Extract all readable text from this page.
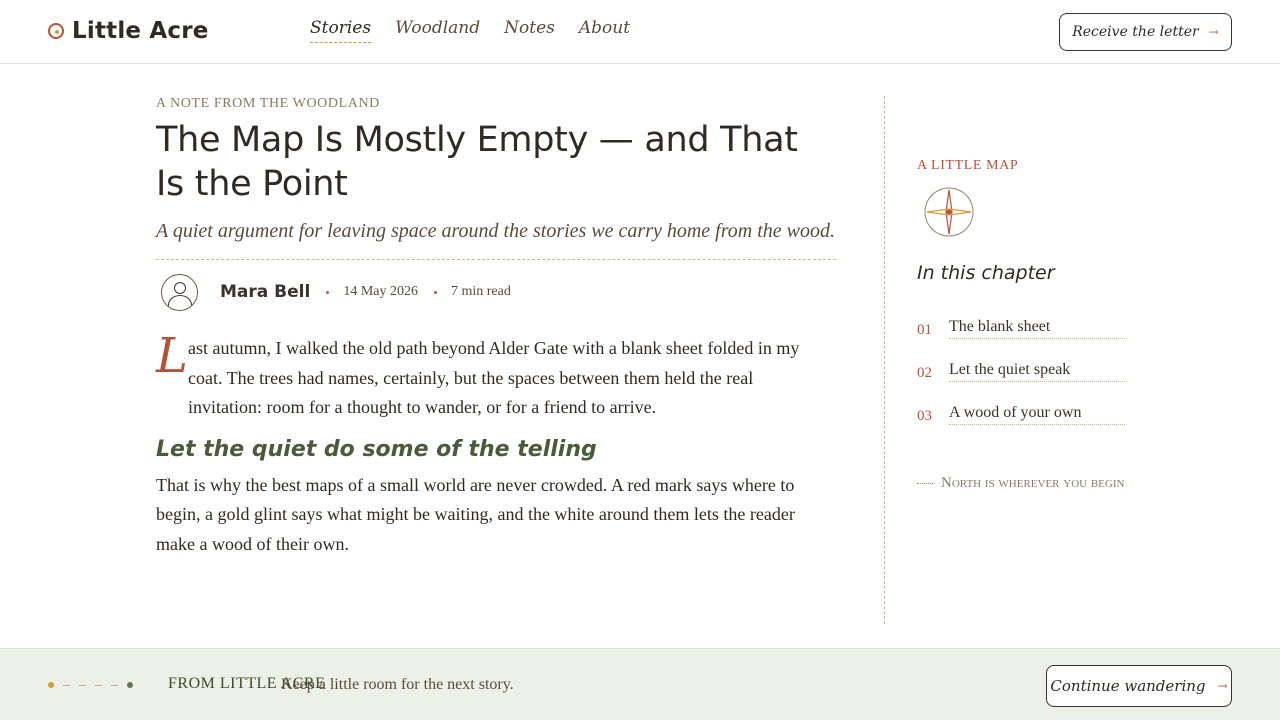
Little Acre	Stories Woodland Notes About	Receive the letter →
A NOTE FROM THE WOODLAND
The Map Is Mostly Empty — and That Is the Point

A quiet argument for leaving space around the stories we carry home from the wood.

Mara Bell 14 May 2026 7 min read

L ast autumn, I walked the old path beyond Alder Gate with a blank sheet folded in my coat. The trees had names, certainly, but the spaces between them held the real invitation: room for a thought to wander, or for a friend to arrive.

Let the quiet do some of the telling

That is why the best maps of a small world are never crowded. A red mark says where to begin, a gold glint says what might be waiting, and the white around them lets the reader make a wood of their own.

A LITTLE MAP
In this chapter
01	The blank sheet
02	Let the quiet speak
03	A wood of your own
North is wherever you begin
FROM LITTLE ACRE
Keep a little room for the next story.	Continue wandering →
